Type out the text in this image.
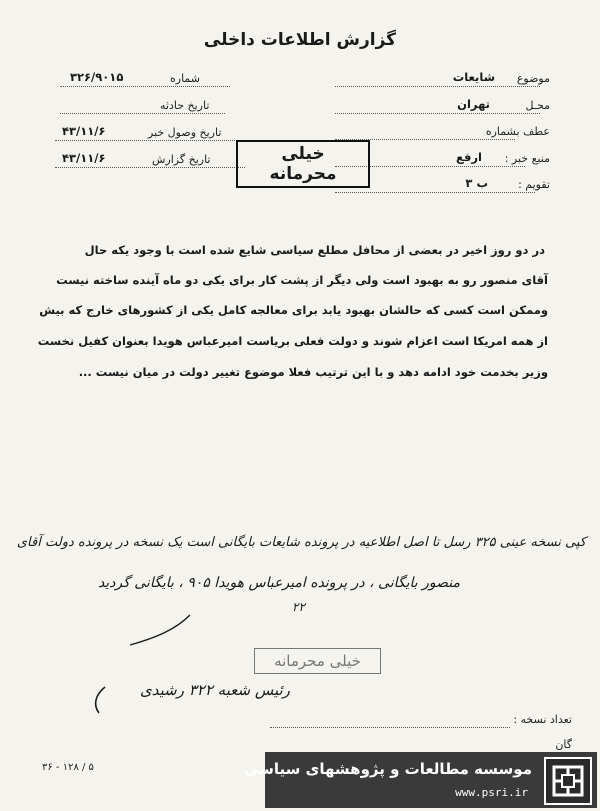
گزارش اطلاعات داخلی
موضوع
شایعات
محـل
تهران
عطف بشماره
منبع خبر :
ارفع
تقویم :
ب ۳
شماره
۳۲۶/۹۰۱۵
تاریخ حادثه
تاریخ وصول خبر
۴۳/۱۱/۶
تاریخ گزارش
۴۳/۱۱/۶	خیلی محرمانه
در دو روز اخیر در بعضی از محافل مطلع سیاسی شایع شده است با وجود یکه حال
آقای منصور رو به بهبود است ولی دیگر از پشت کار برای یکی دو ماه آینده ساخته نیست
وممکن است کسی که حالشان بهبود یابد برای معالجه کامل یکی از کشورهای خارج که بیش
از همه امریکا است اعزام شوند و دولت فعلی بریاست امیرعباس هویدا بعنوان کفیل نخست
وزیر بخدمت خود ادامه دهد و با این ترتیب فعلا موضوع تغییر دولت در میان نیست ...
کپی نسخه عینی ۳۲۵ رسل تا اصل اطلاعیه در پرونده شایعات بایگانی است یک نسخه در پرونده دولت آقای
منصور بایگانی ، در پرونده امیرعباس هویدا ۹۰۵ ، بایگانی گردید
۲۲
خیلی محرمانه
رئیس شعبه ۳۲۲ رشیدی
تعداد نسخه :
گان
موسسه مطالعات و پژوهشهای سیاسی
www.psri.ir
۳۶ - ۱۲۸ / ۵
